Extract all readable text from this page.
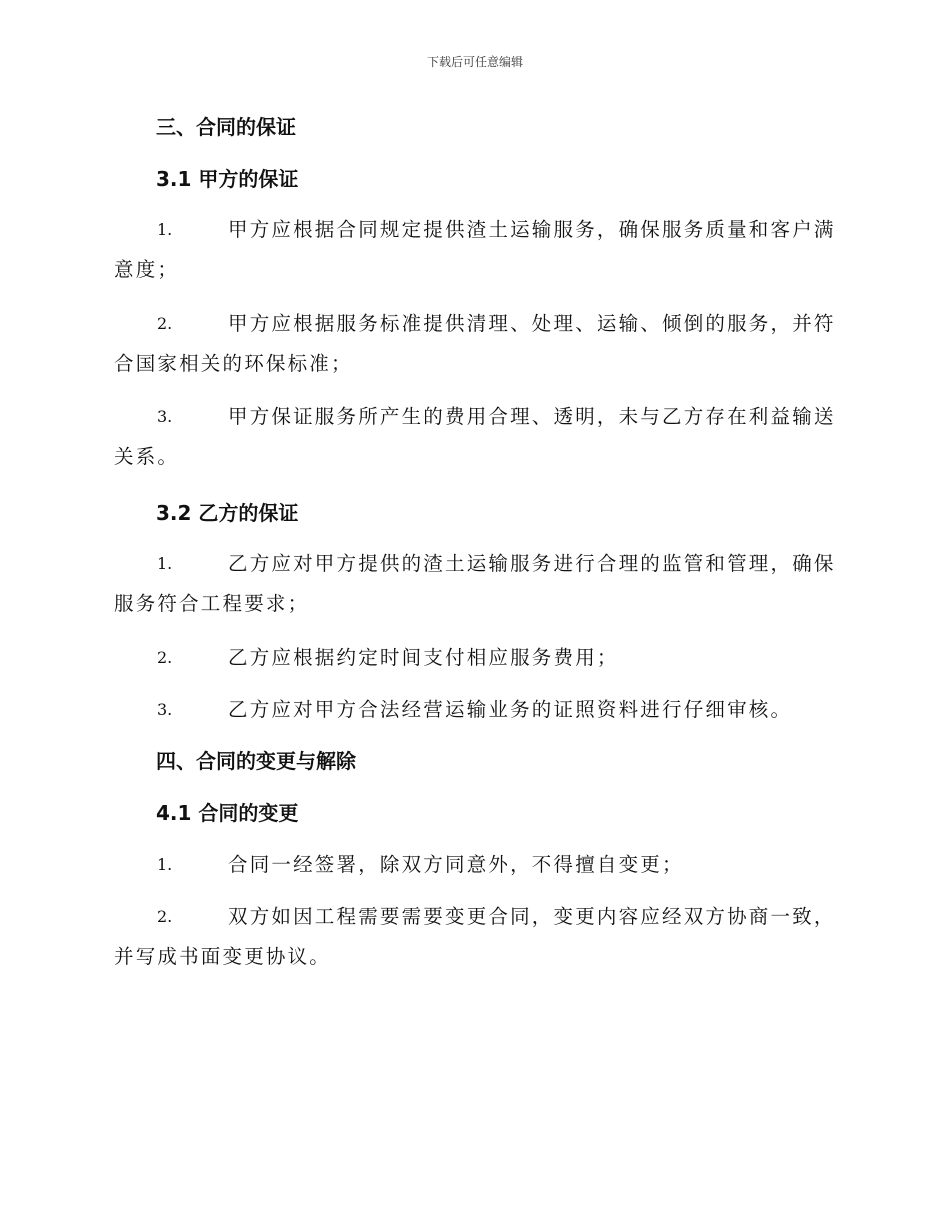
下载后可任意编辑
三、合同的保证
3.1 甲方的保证
1.	甲方应根据合同规定提供渣土运输服务，确保服务质量和客户满
意度；
2.	甲方应根据服务标准提供清理、处理、运输、倾倒的服务，并符
合国家相关的环保标准；
3.	甲方保证服务所产生的费用合理、透明，未与乙方存在利益输送
关系。
3.2 乙方的保证
1.	乙方应对甲方提供的渣土运输服务进行合理的监管和管理，确保
服务符合工程要求；
2.	乙方应根据约定时间支付相应服务费用；
3.	乙方应对甲方合法经营运输业务的证照资料进行仔细审核。
四、合同的变更与解除
4.1 合同的变更
1.	合同一经签署，除双方同意外，不得擅自变更；
2.	双方如因工程需要需要变更合同，变更内容应经双方协商一致，
并写成书面变更协议。
